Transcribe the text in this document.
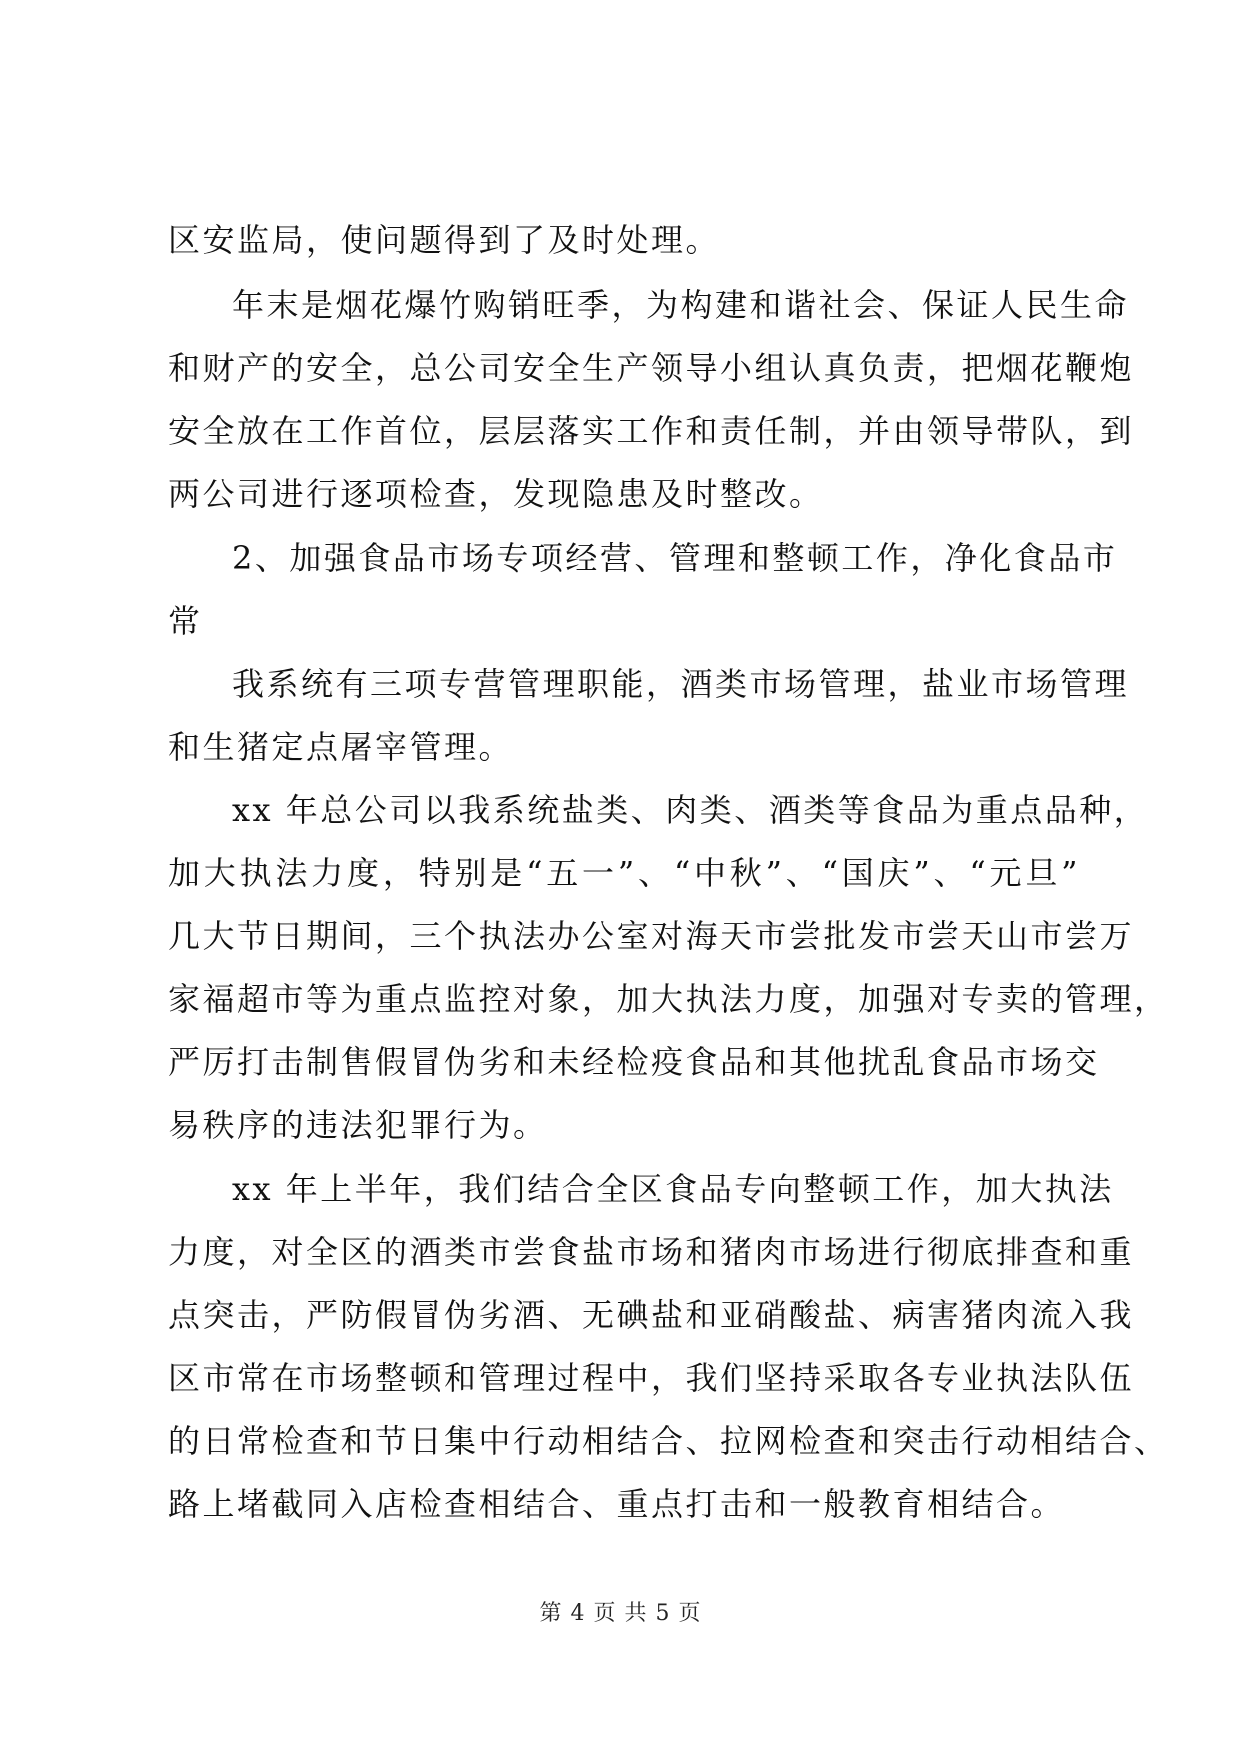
区安监局，使问题得到了及时处理。
年末是烟花爆竹购销旺季，为构建和谐社会、保证人民生命
和财产的安全，总公司安全生产领导小组认真负责，把烟花鞭炮
安全放在工作首位，层层落实工作和责任制，并由领导带队，到
两公司进行逐项检查，发现隐患及时整改。
2、加强食品市场专项经营、管理和整顿工作，净化食品市
常
我系统有三项专营管理职能，酒类市场管理，盐业市场管理
和生猪定点屠宰管理。
xx 年总公司以我系统盐类、肉类、酒类等食品为重点品种，
加大执法力度，特别是“五一”、“中秋”、“国庆”、“元旦”
几大节日期间，三个执法办公室对海天市尝批发市尝天山市尝万
家福超市等为重点监控对象，加大执法力度，加强对专卖的管理，
严厉打击制售假冒伪劣和未经检疫食品和其他扰乱食品市场交
易秩序的违法犯罪行为。
xx 年上半年，我们结合全区食品专向整顿工作，加大执法
力度，对全区的酒类市尝食盐市场和猪肉市场进行彻底排查和重
点突击，严防假冒伪劣酒、无碘盐和亚硝酸盐、病害猪肉流入我
区市常在市场整顿和管理过程中，我们坚持采取各专业执法队伍
的日常检查和节日集中行动相结合、拉网检查和突击行动相结合、
路上堵截同入店检查相结合、重点打击和一般教育相结合。
第 4 页 共 5 页
